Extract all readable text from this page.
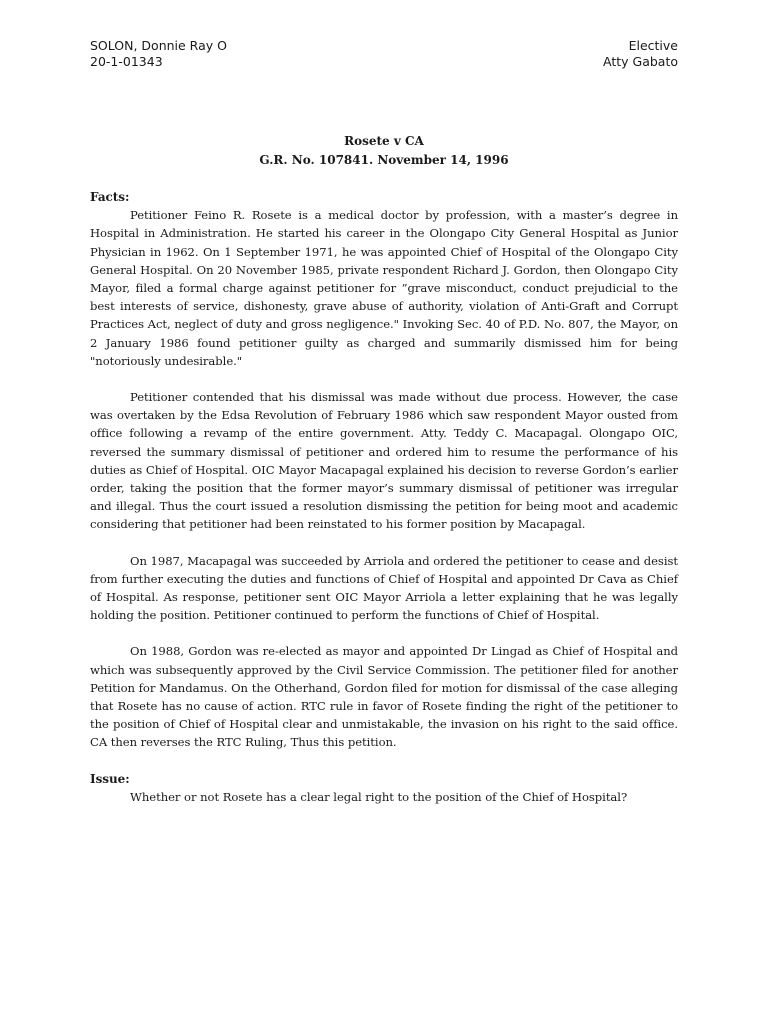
SOLON, Donnie Ray O
20-1-01343
Elective
Atty Gabato
Rosete v CA
G.R. No. 107841. November 14, 1996
Facts:

Petitioner Feino R. Rosete is a medical doctor by profession, with a master’s degree in Hospital in Administration. He started his career in the Olongapo City General Hospital as Junior Physician in 1962. On 1 September 1971, he was appointed Chief of Hospital of the Olongapo City General Hospital. On 20 November 1985, private respondent Richard J. Gordon, then Olongapo City Mayor, filed a formal charge against petitioner for ”grave misconduct, conduct prejudicial to the best interests of service, dishonesty, grave abuse of authority, violation of Anti-Graft and Corrupt Practices Act, neglect of duty and gross negligence." Invoking Sec. 40 of P.D. No. 807, the Mayor, on 2 January 1986 found petitioner guilty as charged and summarily dismissed him for being "notoriously undesirable."

Petitioner contended that his dismissal was made without due process. However, the case was overtaken by the Edsa Revolution of February 1986 which saw respondent Mayor ousted from office following a revamp of the entire government. Atty. Teddy C. Macapagal. Olongapo OIC, reversed the summary dismissal of petitioner and ordered him to resume the performance of his duties as Chief of Hospital. OIC Mayor Macapagal explained his decision to reverse Gordon’s earlier order, taking the position that the former mayor’s summary dismissal of petitioner was irregular and illegal. Thus the court issued a resolution dismissing the petition for being moot and academic considering that petitioner had been reinstated to his former position by Macapagal.

On 1987, Macapagal was succeeded by Arriola and ordered the petitioner to cease and desist from further executing the duties and functions of Chief of Hospital and appointed Dr Cava as Chief of Hospital. As response, petitioner sent OIC Mayor Arriola a letter explaining that he was legally holding the position. Petitioner continued to perform the functions of Chief of Hospital.

On 1988, Gordon was re-elected as mayor and appointed Dr Lingad as Chief of Hospital and which was subsequently approved by the Civil Service Commission. The petitioner filed for another Petition for Mandamus. On the Otherhand, Gordon filed for motion for dismissal of the case alleging that Rosete has no cause of action. RTC rule in favor of Rosete finding the right of the petitioner to the position of Chief of Hospital clear and unmistakable, the invasion on his right to the said office. CA then reverses the RTC Ruling, Thus this petition.

Issue:

Whether or not Rosete has a clear legal right to the position of the Chief of Hospital?
